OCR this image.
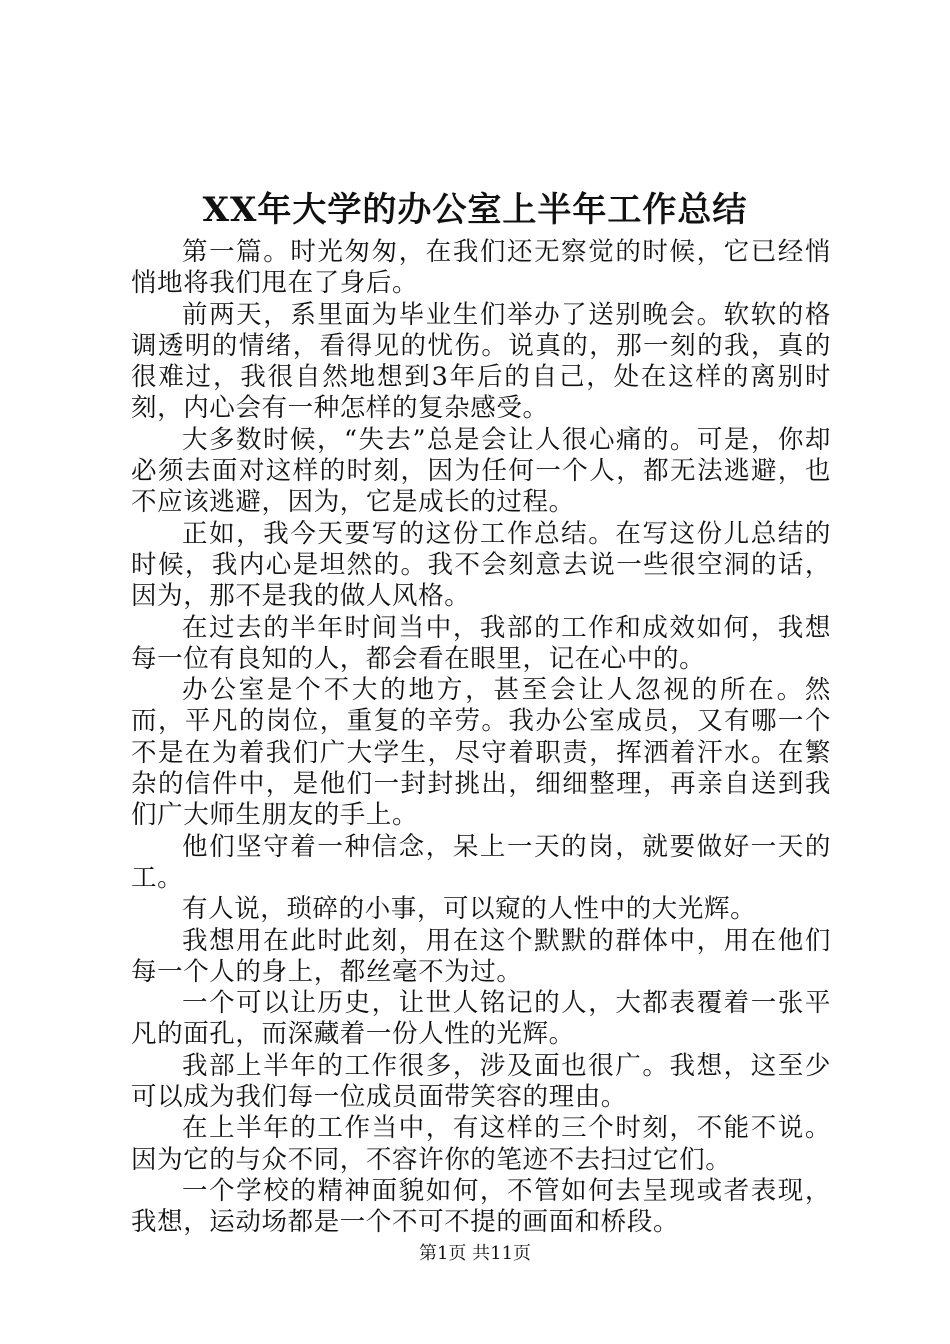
XX年大学的办公室上半年工作总结

第一篇。时光匆匆，在我们还无察觉的时候，它已经悄悄地将我们甩在了身后。

前两天，系里面为毕业生们举办了送别晚会。软软的格调透明的情绪，看得见的忧伤。说真的，那一刻的我，真的很难过，我很自然地想到3年后的自己，处在这样的离别时刻，内心会有一种怎样的复杂感受。

大多数时候，“失去”总是会让人很心痛的。可是，你却必须去面对这样的时刻，因为任何一个人，都无法逃避，也不应该逃避，因为，它是成长的过程。

正如，我今天要写的这份工作总结。在写这份儿总结的时候，我内心是坦然的。我不会刻意去说一些很空洞的话，因为，那不是我的做人风格。

在过去的半年时间当中，我部的工作和成效如何，我想每一位有良知的人，都会看在眼里，记在心中的。

办公室是个不大的地方，甚至会让人忽视的所在。然而，平凡的岗位，重复的辛劳。我办公室成员，又有哪一个不是在为着我们广大学生，尽守着职责，挥洒着汗水。在繁杂的信件中，是他们一封封挑出，细细整理，再亲自送到我们广大师生朋友的手上。

他们坚守着一种信念，呆上一天的岗，就要做好一天的工。

有人说，琐碎的小事，可以窥的人性中的大光辉。

我想用在此时此刻，用在这个默默的群体中，用在他们每一个人的身上，都丝毫不为过。

一个可以让历史，让世人铭记的人，大都表覆着一张平凡的面孔，而深藏着一份人性的光辉。

我部上半年的工作很多，涉及面也很广。我想，这至少可以成为我们每一位成员面带笑容的理由。

在上半年的工作当中，有这样的三个时刻，不能不说。因为它的与众不同，不容许你的笔迹不去扫过它们。

一个学校的精神面貌如何，不管如何去呈现或者表现，我想，运动场都是一个不可不提的画面和桥段。

第1页 共11页
